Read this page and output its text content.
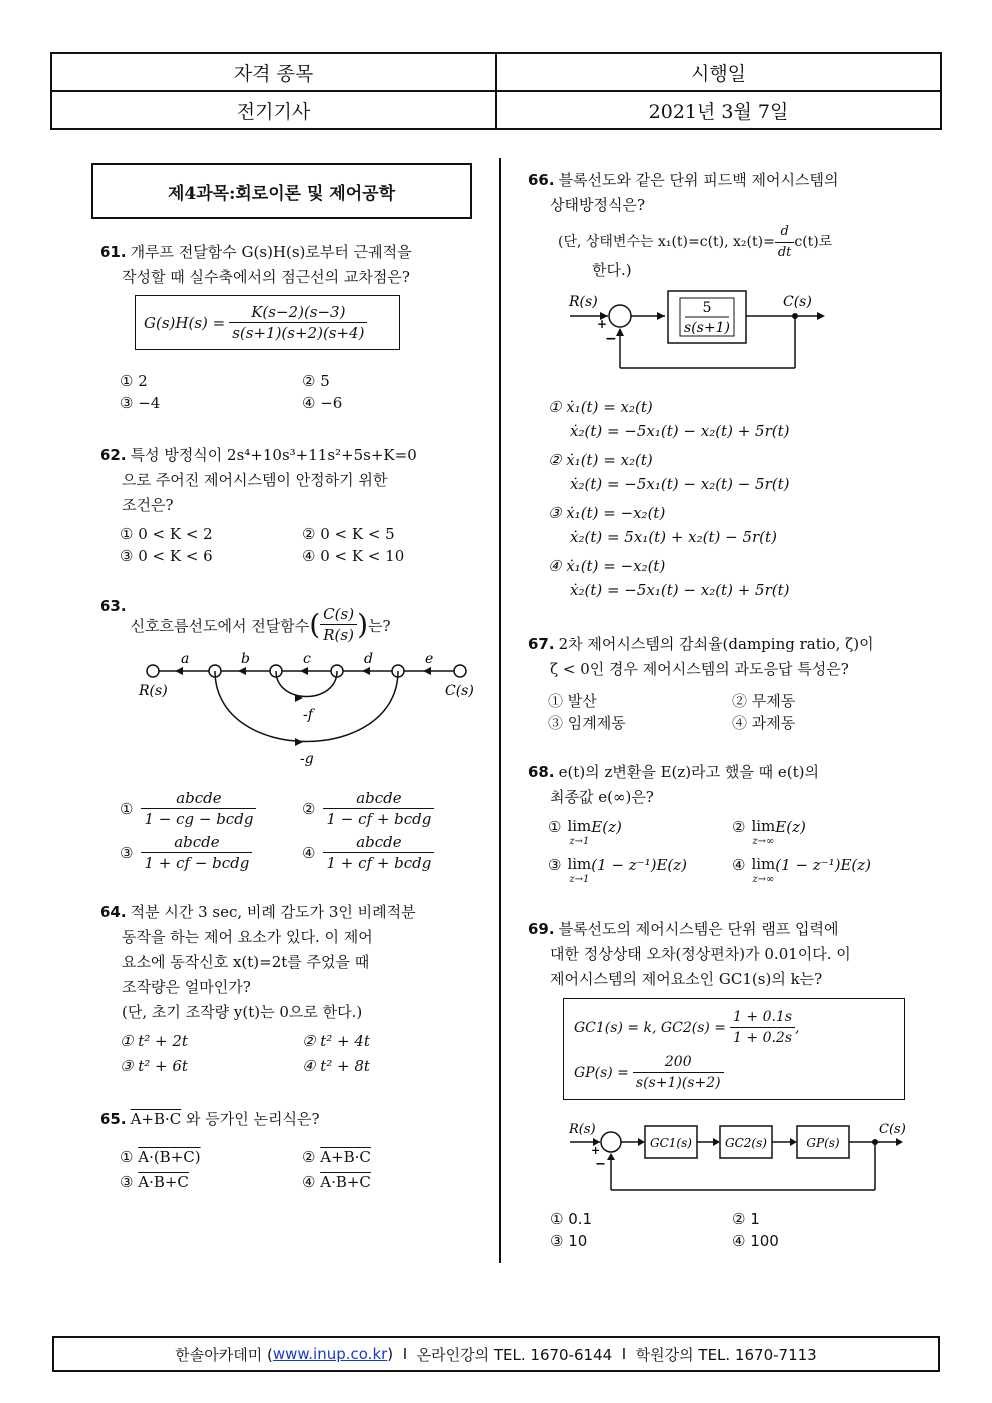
자격 종목	시행일
전기기사	2021년 3월 7일
제4과목:회로이론 및 제어공학
61. 개루프 전달함수 G(s)H(s)로부터 근궤적을
작성할 때 실수축에서의 점근선의 교차점은?
$G(s)H(s) = \frac{K(s-2)(s-3)}{s(s+1)(s+2)(s+4)}$
① 2	② 5
③ −4	④ −6
62. 특성 방정식이 2s⁴+10s³+11s²+5s+K=0
으로 주어진 제어시스템이 안정하기 위한
조건은?
① 0 < K < 2	② 0 < K < 5
③ 0 < K < 6	④ 0 < K < 10
63.
신호흐름선도에서 전달함수 ( $\frac{C(s)}{R(s)}$ ) 는?
a	b	c	d	e
R(s)	C(s)
-f
-g
① $\frac{\text{abcde}}{\text{1 − cg − bcdg}}$	② $\frac{\text{abcde}}{\text{1 − cf + bcdg}}$
③ $\frac{\text{abcde}}{\text{1 + cf − bcdg}}$	④ $\frac{\text{abcde}}{\text{1 + cf + bcdg}}$
64. 적분 시간 3 sec, 비례 감도가 3인 비례적분
동작을 하는 제어 요소가 있다. 이 제어
요소에 동작신호 x(t)=2t를 주었을 때
조작량은 얼마인가?
(단, 초기 조작량 y(t)는 0으로 한다.)
① t² + 2t	② t² + 4t
③ t² + 6t	④ t² + 8t
65. A+B·C 와 등가인 논리식은?
① A·(B+C)	② A+B·C
③ A·B+C	④ A·B+C
66. 블록선도와 같은 단위 피드백 제어시스템의
상태방정식은?
(단, 상태변수는 x₁(t)=c(t), $x_2(t)= \frac{d}{dt} c(t)$로
한다.)
+
−
R(s)	C(s)
5
s(s+1)
① ẋ₁(t) = x₂(t)
ẋ₂(t) = −5x₁(t) − x₂(t) + 5r(t)
② ẋ₁(t) = x₂(t)
ẋ₂(t) = −5x₁(t) − x₂(t) − 5r(t)
③ ẋ₁(t) = −x₂(t)
ẋ₂(t) = 5x₁(t) + x₂(t) − 5r(t)
④ ẋ₁(t) = −x₂(t)
ẋ₂(t) = −5x₁(t) − x₂(t) + 5r(t)
67. 2차 제어시스템의 감쇠율(damping ratio, ζ)이
ζ < 0인 경우 제어시스템의 과도응답 특성은?
① 발산	② 무제동
③ 임계제동	④ 과제동
68. e(t)의 z변환을 E(z)라고 했을 때 e(t)의
최종값 e(∞)은?
① lim
z→1
E(z)	② lim
z→∞
E(z)
③ lim
z→1
(1 − z⁻¹)E(z)	④ lim
z→∞
(1 − z⁻¹)E(z)
69. 블록선도의 제어시스템은 단위 램프 입력에
대한 정상상태 오차(정상편차)가 0.01이다. 이
제어시스템의 제어요소인 GC1(s)의 k는?
GC1(s) = k, $GC2(s) = \frac{1 + 0.1s}{1 + 0.2s}$ ,
$GP(s) = \frac{200}{s(s+1)(s+2)}$
+
−
R(s)	C(s)
GC1(s)	GC2(s)	GP(s)
① 0.1	② 1
③ 10	④ 100
한솔아카데미 ( www.inup.co.kr ) I 온라인강의 TEL. 1670-6144 I 학원강의 TEL. 1670-7113
